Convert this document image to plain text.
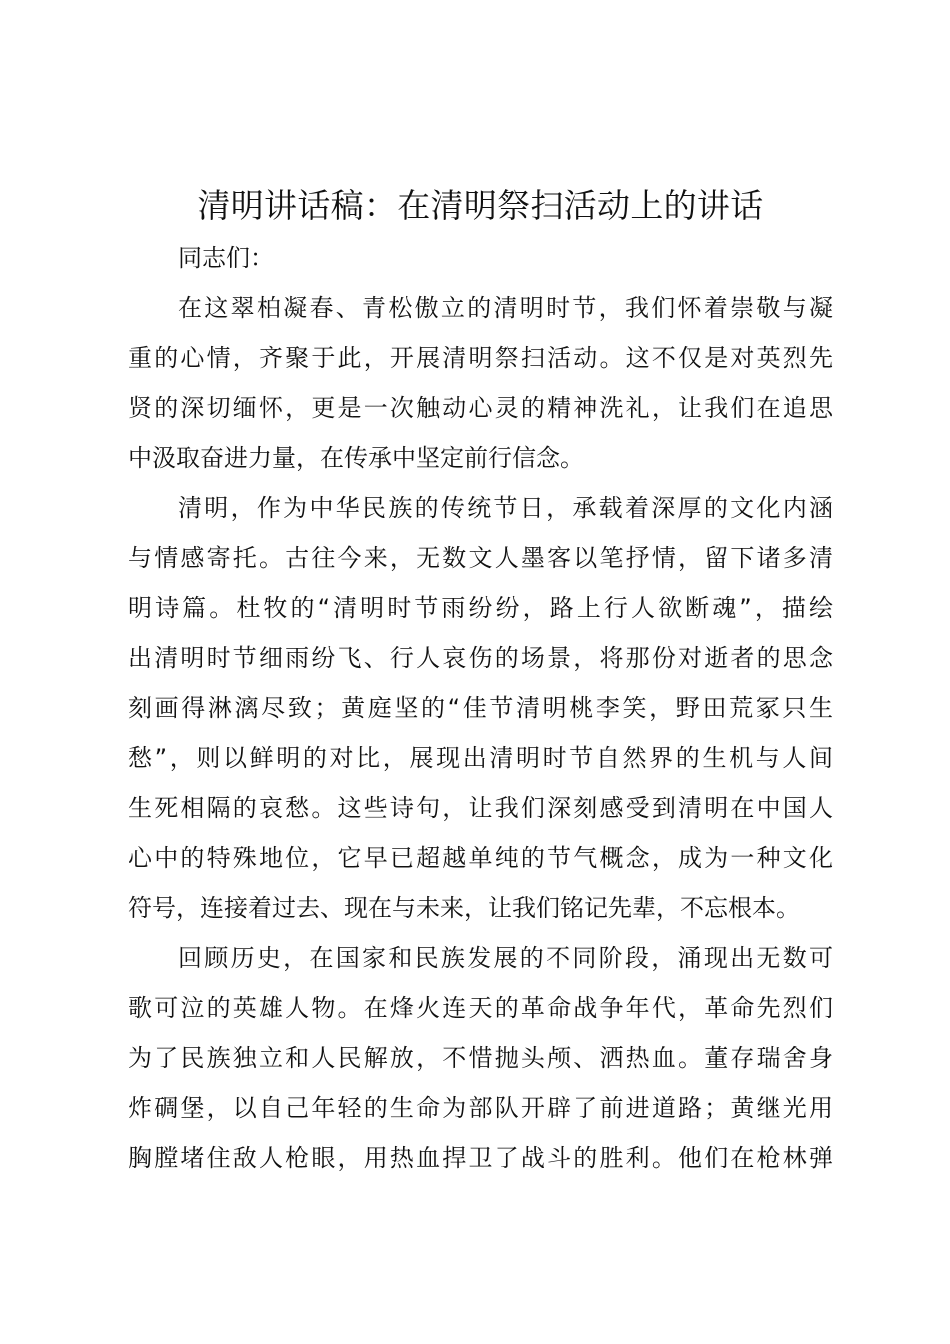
清明讲话稿：在清明祭扫活动上的讲话

同志们：

在这翠柏凝春、青松傲立的清明时节，我们怀着崇敬与凝
重的心情，齐聚于此，开展清明祭扫活动。这不仅是对英烈先
贤的深切缅怀，更是一次触动心灵的精神洗礼，让我们在追思
中汲取奋进力量，在传承中坚定前行信念。

清明，作为中华民族的传统节日，承载着深厚的文化内涵
与情感寄托。古往今来，无数文人墨客以笔抒情，留下诸多清
明诗篇。杜牧的“清明时节雨纷纷，路上行人欲断魂”，描绘
出清明时节细雨纷飞、行人哀伤的场景，将那份对逝者的思念
刻画得淋漓尽致；黄庭坚的“佳节清明桃李笑，野田荒冢只生
愁”，则以鲜明的对比，展现出清明时节自然界的生机与人间
生死相隔的哀愁。这些诗句，让我们深刻感受到清明在中国人
心中的特殊地位，它早已超越单纯的节气概念，成为一种文化
符号，连接着过去、现在与未来，让我们铭记先辈，不忘根本。

回顾历史，在国家和民族发展的不同阶段，涌现出无数可
歌可泣的英雄人物。在烽火连天的革命战争年代，革命先烈们
为了民族独立和人民解放，不惜抛头颅、洒热血。董存瑞舍身
炸碉堡，以自己年轻的生命为部队开辟了前进道路；黄继光用
胸膛堵住敌人枪眼，用热血捍卫了战斗的胜利。他们在枪林弹
